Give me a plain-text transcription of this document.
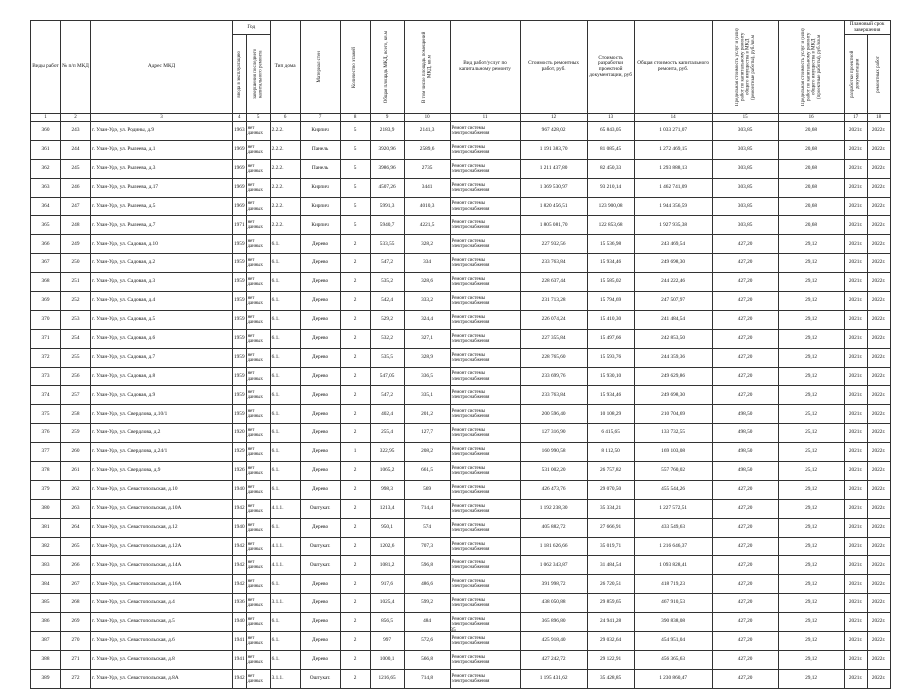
Виды работ	№ п/п МКД	Адрес МКД	Год		Тип дома	Материал стен	Количество этажей	Общая площадь МКД, всего, кв.м	В том числе площадь помещений МКД, кв.м	Вид работ/услуг по капитальному ремонту	Стоимость ремонтных работ, руб.	Стоимость разработки проектной документации, руб	Общая стоимость капитального ремонта, руб.	Предельная стоимость услуг и (или) работ по капитальному ремонту общего имущества в МКД (ремонтные работы), руб./кв.м	Предельная стоимость услуг и (или) работ по капитальному ремонту общего имущества в МКД (проектные работы), руб./кв.м	Плановый срок завершения	

			ввода в эксплуатацию	завершения последнего капитального ремонта												разработки проектной документации	ремонтных работ

1	2	3	4	5	6	7	8	9	10	11	12	13	14	15	16	17	18
360	243	г. Улан-Удэ, ул. Родины, д.9	1963	нет данных	2.2.2.	Кирпич	5	2183,9	2141,3	Ремонт системы электроснабжения	967 428,02	65 843,05	1 033 271,07	303,85	20,68	2021г.	2022г.
361	244	г. Улан-Удэ, ул. Рылеева, д.1	1969	нет данных	2.2.2.	Панель	5	3920,96	2589,6	Ремонт системы электроснабжения	1 191 383,70	81 085,45	1 272 469,15	303,85	20,68	2021г.	2022г.
362	245	г. Улан-Удэ, ул. Рылеева, д.3	1969	нет данных	2.2.2.	Панель	5	3986,96	2735	Ремонт системы электроснабжения	1 211 437,80	82 450,33	1 293 888,13	303,85	20,68	2021г.	2022г.
363	246	г. Улан-Удэ, ул. Рылеева, д.17	1969	нет данных	2.2.2.	Кирпич	5	4507,26	3441	Ремонт системы электроснабжения	1 369 530,97	93 210,14	1 462 741,09	303,85	20,68	2021г.	2022г.
364	247	г. Улан-Удэ, ул. Рылеева, д.5	1969	нет данных	2.2.2.	Кирпич	5	5991,3	4010,3	Ремонт системы электроснабжения	1 820 456,51	123 900,08	1 944 356,59	303,85	20,68	2021г.	2022г.
365	248	г. Улан-Удэ, ул. Рылеева, д.7	1971	нет данных	2.2.2.	Кирпич	5	5940,7	4221,5	Ремонт системы электроснабжения	1 805 081,70	122 853,68	1 927 935,38	303,85	20,68	2021г.	2022г.
366	249	г. Улан-Удэ, ул. Садовая, д.10	1959	нет данных	6.1.	Дерево	2	533,55	328,2	Ремонт системы электроснабжения	227 932,56	15 536,98	243 469,54	427,20	29,12	2021г.	2022г.
367	250	г. Улан-Удэ, ул. Садовая, д.2	1959	нет данных	6.1.	Дерево	2	547,2	334	Ремонт системы электроснабжения	233 763,84	15 934,46	249 698,30	427,20	29,12	2021г.	2022г.
368	251	г. Улан-Удэ, ул. Садовая, д.3	1959	нет данных	6.1.	Дерево	2	535,2	328,6	Ремонт системы электроснабжения	228 637,44	15 585,02	244 222,46	427,20	29,12	2021г.	2022г.
369	252	г. Улан-Удэ, ул. Садовая, д.4	1959	нет данных	6.1.	Дерево	2	542,4	333,2	Ремонт системы электроснабжения	231 713,28	15 794,69	247 507,97	427,20	29,12	2021г.	2022г.
370	253	г. Улан-Удэ, ул. Садовая, д.5	1959	нет данных	6.1.	Дерево	2	529,2	324,4	Ремонт системы электроснабжения	226 074,24	15 410,30	241 484,54	427,20	29,12	2021г.	2022г.
371	254	г. Улан-Удэ, ул. Садовая, д.6	1959	нет данных	6.1.	Дерево	2	532,2	327,1	Ремонт системы электроснабжения	227 355,84	15 497,66	242 853,50	427,20	29,12	2021г.	2022г.
372	255	г. Улан-Удэ, ул. Садовая, д.7	1959	нет данных	6.1.	Дерево	2	535,5	328,9	Ремонт системы электроснабжения	228 765,60	15 593,76	244 359,36	427,20	29,12	2021г.	2022г.
373	256	г. Улан-Удэ, ул. Садовая, д.8	1959	нет данных	6.1.	Дерево	2	547,05	336,5	Ремонт системы электроснабжения	233 699,76	15 930,10	249 629,86	427,20	29,12	2021г.	2022г.
374	257	г. Улан-Удэ, ул. Садовая, д.9	1959	нет данных	6.1.	Дерево	2	547,2	335,1	Ремонт системы электроснабжения	233 763,84	15 934,46	249 698,30	427,20	29,12	2021г.	2022г.
375	258	г. Улан-Удэ, ул. Свердлова, д.10/1	1959	нет данных	6.1.	Дерево	2	402,4	201,2	Ремонт системы электроснабжения	200 596,40	10 108,29	210 704,69	498,50	25,12	2021г.	2022г.
376	259	г. Улан-Удэ, ул. Свердлова, д.2	1920	нет данных	6.1.	Дерево	2	255,4	127,7	Ремонт системы электроснабжения	127 316,90	6 415,65	133 732,55	498,50	25,12	2021г.	2022г.
377	260	г. Улан-Удэ, ул. Свердлова, д.24/1	1929	нет данных	6.1.	Дерево	1	322,95	208,2	Ремонт системы электроснабжения	160 990,58	8 112,50	169 103,08	498,50	25,12	2021г.	2022г.
378	261	г. Улан-Удэ, ул. Свердлова, д.9	1926	нет данных	6.1.	Дерево	2	1065,2	661,5	Ремонт системы электроснабжения	531 002,20	26 757,82	557 760,02	498,50	25,12	2021г.	2022г.
379	262	г. Улан-Удэ, ул. Севастопольская, д.10	1940	нет данных	6.1.	Дерево	2	998,3	569	Ремонт системы электроснабжения	426 473,76	29 070,50	455 544,26	427,20	29,12	2021г.	2022г.
380	263	г. Улан-Удэ, ул. Севастопольская, д.10А	1942	нет данных	4.1.1.	Оштукат.	2	1213,4	714,4	Ремонт системы электроснабжения	1 192 238,30	35 334,21	1 227 572,51	427,20	29,12	2021г.	2022г.
381	264	г. Улан-Удэ, ул. Севастопольская, д.12	1940	нет данных	6.1.	Дерево	2	950,1	574	Ремонт системы электроснабжения	405 882,72	27 666,91	433 549,63	427,20	29,12	2021г.	2022г.
382	265	г. Улан-Удэ, ул. Севастопольская, д.12А	1942	нет данных	4.1.1.	Оштукат.	2	1202,6	707,3	Ремонт системы электроснабжения	1 181 626,66	35 019,71	1 216 646,37	427,20	29,12	2021г.	2022г.
383	266	г. Улан-Удэ, ул. Севастопольская, д.14А	1942	нет данных	4.1.1.	Оштукат.	2	1081,2	596,8	Ремонт системы электроснабжения	1 062 343,87	31 484,54	1 093 828,41	427,20	29,12	2021г.	2022г.
384	267	г. Улан-Удэ, ул. Севастопольская, д.16А	1942	нет данных	6.1.	Дерево	2	917,6	486,6	Ремонт системы электроснабжения	391 998,72	26 720,51	418 719,23	427,20	29,12	2021г.	2022г.
385	268	г. Улан-Удэ, ул. Севастопольская, д.4	1936	нет данных	3.1.1.	Дерево	2	1025,4	599,2	Ремонт системы электроснабжения	438 050,88	29 859,65	467 910,53	427,20	29,12	2021г.	2022г.
386	269	г. Улан-Удэ, ул. Севастопольская, д.5	1940	нет данных	6.1.	Дерево	2	856,5	484	Ремонт системы электроснабжения	365 896,80	24 941,28	390 838,08	427,20	29,12	2021г.	2022г.
387	270	г. Улан-Удэ, ул. Севастопольская, д.6	1941	нет данных	6.1.	Дерево	2	997	572,6	Ремонт системы электроснабжения	425 918,40	29 032,64	454 951,04	427,20	29,12	2021г.	2022г.
388	271	г. Улан-Удэ, ул. Севастопольская, д.8	1941	нет данных	6.1.	Дерево	2	1000,1	566,8	Ремонт системы электроснабжения	427 242,72	29 122,91	456 365,63	427,20	29,12	2021г.	2022г.
389	272	г. Улан-Удэ, ул. Севастопольская, д.8А	1942	нет данных	3.1.1.	Оштукат.	2	1216,65	714,8	Ремонт системы электроснабжения	1 195 431,62	35 428,85	1 230 860,47	427,20	29,12	2021г.	2022г.
35
